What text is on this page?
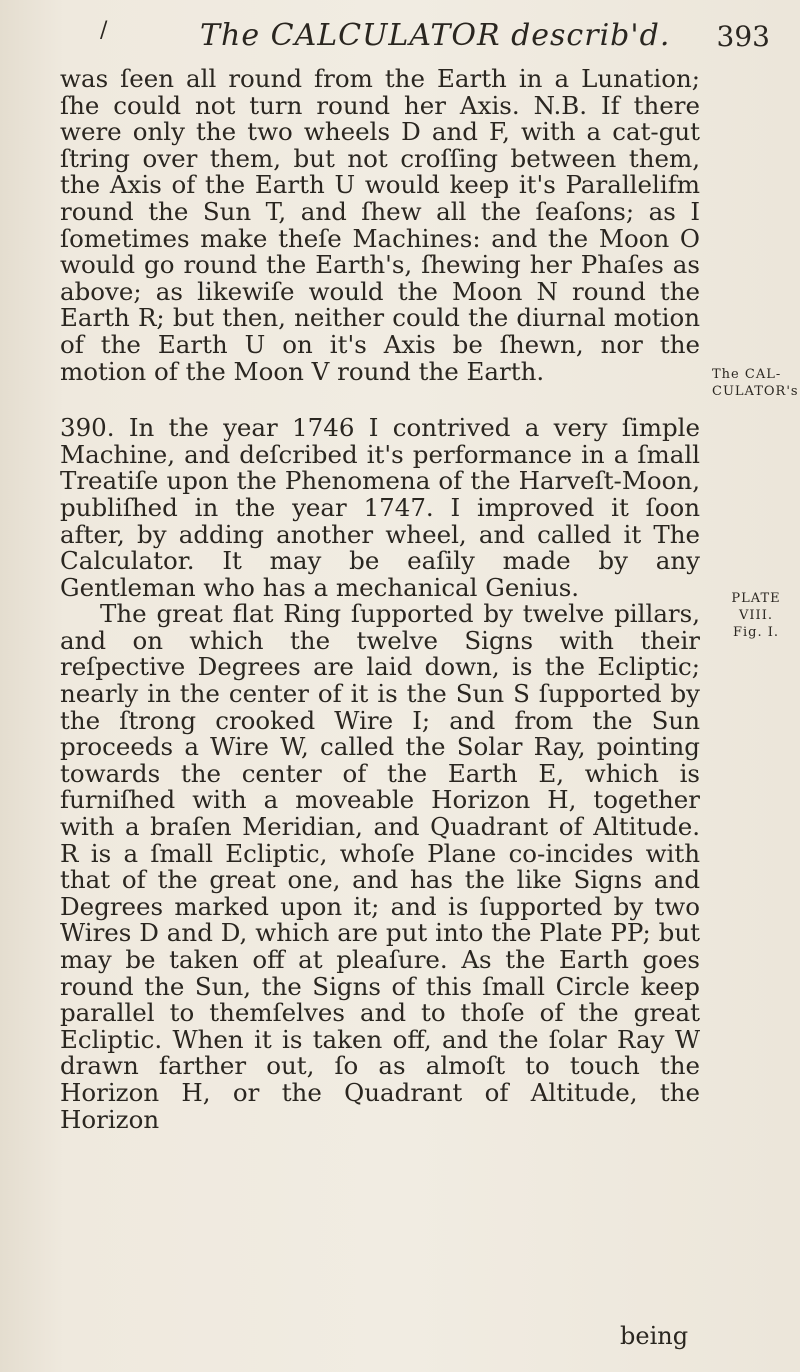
/	The CALCULATOR describ'd. 393

was ſeen all round from the Earth in a Lunation; ſhe could not turn round her Axis. N.B. If there were only the two wheels D and F, with a cat-gut ſtring over them, but not croſſing between them, the Axis of the Earth U would keep it's Parallelifm round the Sun T, and ſhew all the ſeaſons; as I ſometimes make theſe Machines: and the Moon O would go round the Earth's, ſhewing her Phaſes as above; as likewiſe would the Moon N round the Earth R; but then, neither could the diurnal motion of the Earth U on it's Axis be ſhewn, nor the motion of the Moon V round the Earth.

390. In the year 1746 I contrived a very ſimple Machine, and deſcribed it's performance in a ſmall Treatiſe upon the Phenomena of the Harveſt-Moon, publiſhed in the year 1747. I improved it ſoon after, by adding another wheel, and called it The Calculator. It may be eaſily made by any Gentleman who has a mechanical Genius.

The great flat Ring ſupported by twelve pillars, and on which the twelve Signs with their reſpective Degrees are laid down, is the Ecliptic; nearly in the center of it is the Sun S ſupported by the ſtrong crooked Wire I; and from the Sun proceeds a Wire W, called the Solar Ray, pointing towards the center of the Earth E, which is furniſhed with a moveable Horizon H, together with a braſen Meridian, and Quadrant of Altitude. R is a ſmall Ecliptic, whoſe Plane co-incides with that of the great one, and has the like Signs and Degrees marked upon it; and is ſupported by two Wires D and D, which are put into the Plate PP; but may be taken off at pleaſure. As the Earth goes round the Sun, the Signs of this ſmall Circle keep parallel to themſelves and to thoſe of the great Ecliptic. When it is taken off, and the ſolar Ray W drawn farther out, ſo as almoſt to touch the Horizon H, or the Quadrant of Altitude, the Horizon

The CAL-
CULATOR's
PLATE
VIII.
Fig. I.
being
